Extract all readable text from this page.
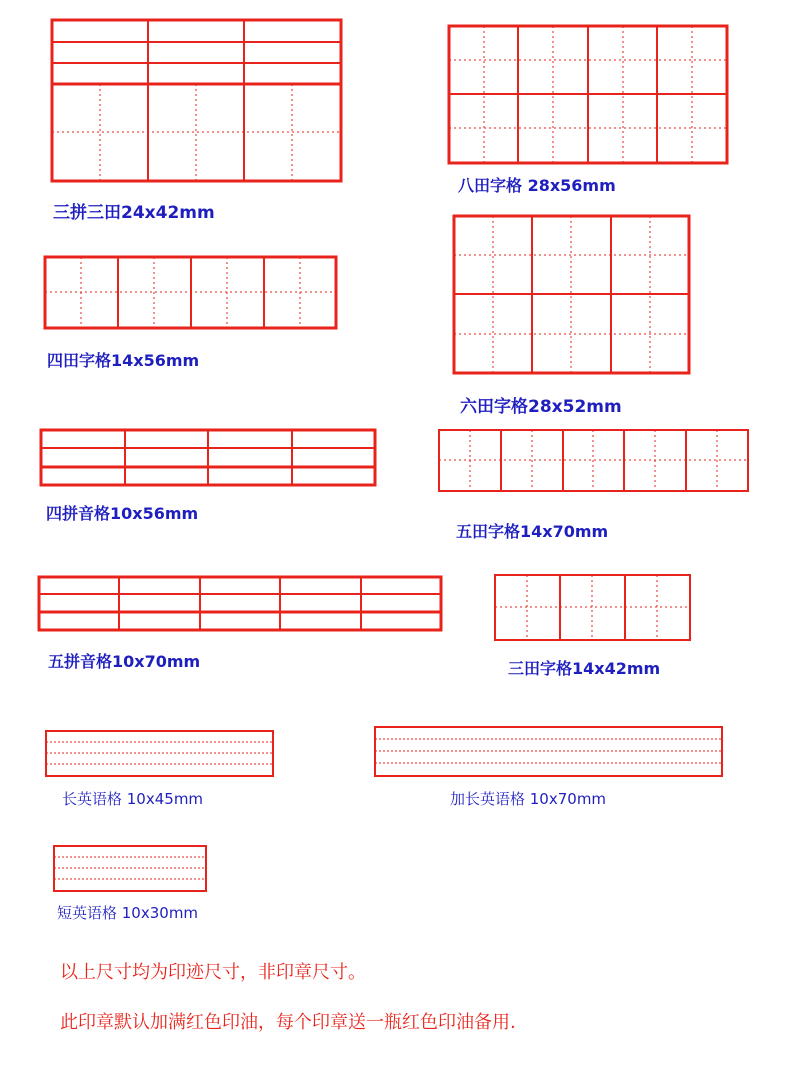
三拼三田24x42mm
八田字格 28x56mm
四田字格14x56mm
六田字格28x52mm
四拼音格10x56mm
五田字格14x70mm
五拼音格10x70mm	三田字格14x42mm
长英语格 10x45mm	加长英语格 10x70mm
短英语格 10x30mm
以上尺寸均为印迹尺寸，非印章尺寸。
此印章默认加满红色印油，每个印章送一瓶红色印油备用.
